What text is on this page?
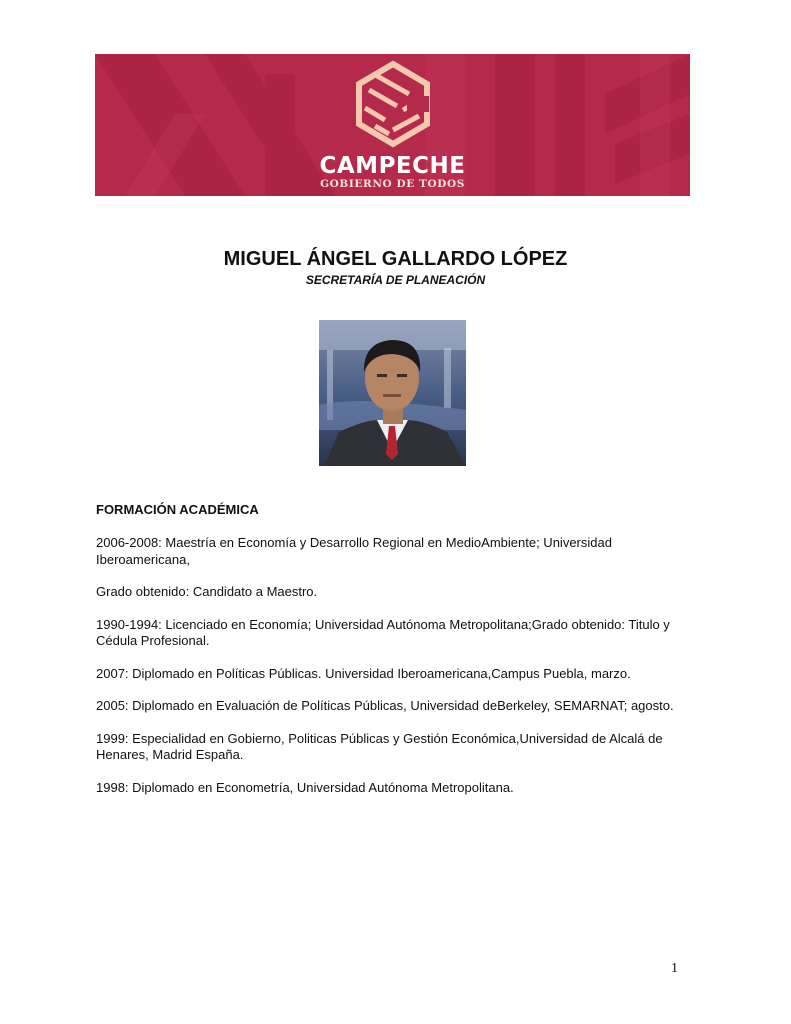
CAMPECHE
GOBIERNO DE TODOS
MIGUEL ÁNGEL GALLARDO LÓPEZ
SECRETARÍA DE PLANEACIÓN
FORMACIÓN ACADÉMICA

2006-2008: Maestría en Economía y Desarrollo Regional en MedioAmbiente; Universidad Iberoamericana,

Grado obtenido: Candidato a Maestro.

1990-1994: Licenciado en Economía; Universidad Autónoma Metropolitana;Grado obtenido: Titulo y Cédula Profesional.

2007: Diplomado en Políticas Públicas. Universidad Iberoamericana,Campus Puebla, marzo.

2005: Diplomado en Evaluación de Políticas Públicas, Universidad deBerkeley, SEMARNAT; agosto.

1999: Especialidad en Gobierno, Politicas Públicas y Gestión Económica,Universidad de Alcalá de Henares, Madrid España.

1998: Diplomado en Econometría, Universidad Autónoma Metropolitana.

1
